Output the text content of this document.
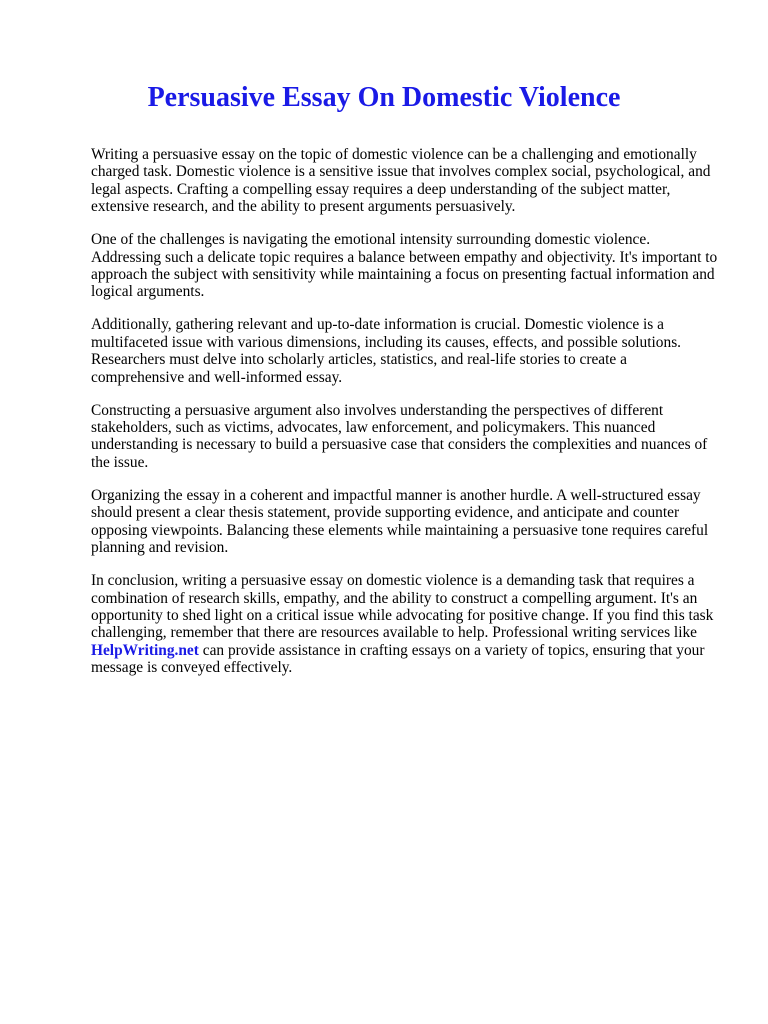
Persuasive Essay On Domestic Violence

Writing a persuasive essay on the topic of domestic violence can be a challenging and emotionally charged task. Domestic violence is a sensitive issue that involves complex social, psychological, and legal aspects. Crafting a compelling essay requires a deep understanding of the subject matter, extensive research, and the ability to present arguments persuasively.

One of the challenges is navigating the emotional intensity surrounding domestic violence. Addressing such a delicate topic requires a balance between empathy and objectivity. It's important to approach the subject with sensitivity while maintaining a focus on presenting factual information and logical arguments.

Additionally, gathering relevant and up-to-date information is crucial. Domestic violence is a multifaceted issue with various dimensions, including its causes, effects, and possible solutions. Researchers must delve into scholarly articles, statistics, and real-life stories to create a comprehensive and well-informed essay.

Constructing a persuasive argument also involves understanding the perspectives of different stakeholders, such as victims, advocates, law enforcement, and policymakers. This nuanced understanding is necessary to build a persuasive case that considers the complexities and nuances of the issue.

Organizing the essay in a coherent and impactful manner is another hurdle. A well-structured essay should present a clear thesis statement, provide supporting evidence, and anticipate and counter opposing viewpoints. Balancing these elements while maintaining a persuasive tone requires careful planning and revision.

In conclusion, writing a persuasive essay on domestic violence is a demanding task that requires a combination of research skills, empathy, and the ability to construct a compelling argument. It's an opportunity to shed light on a critical issue while advocating for positive change. If you find this task challenging, remember that there are resources available to help. Professional writing services like HelpWriting.net can provide assistance in crafting essays on a variety of topics, ensuring that your message is conveyed effectively.
